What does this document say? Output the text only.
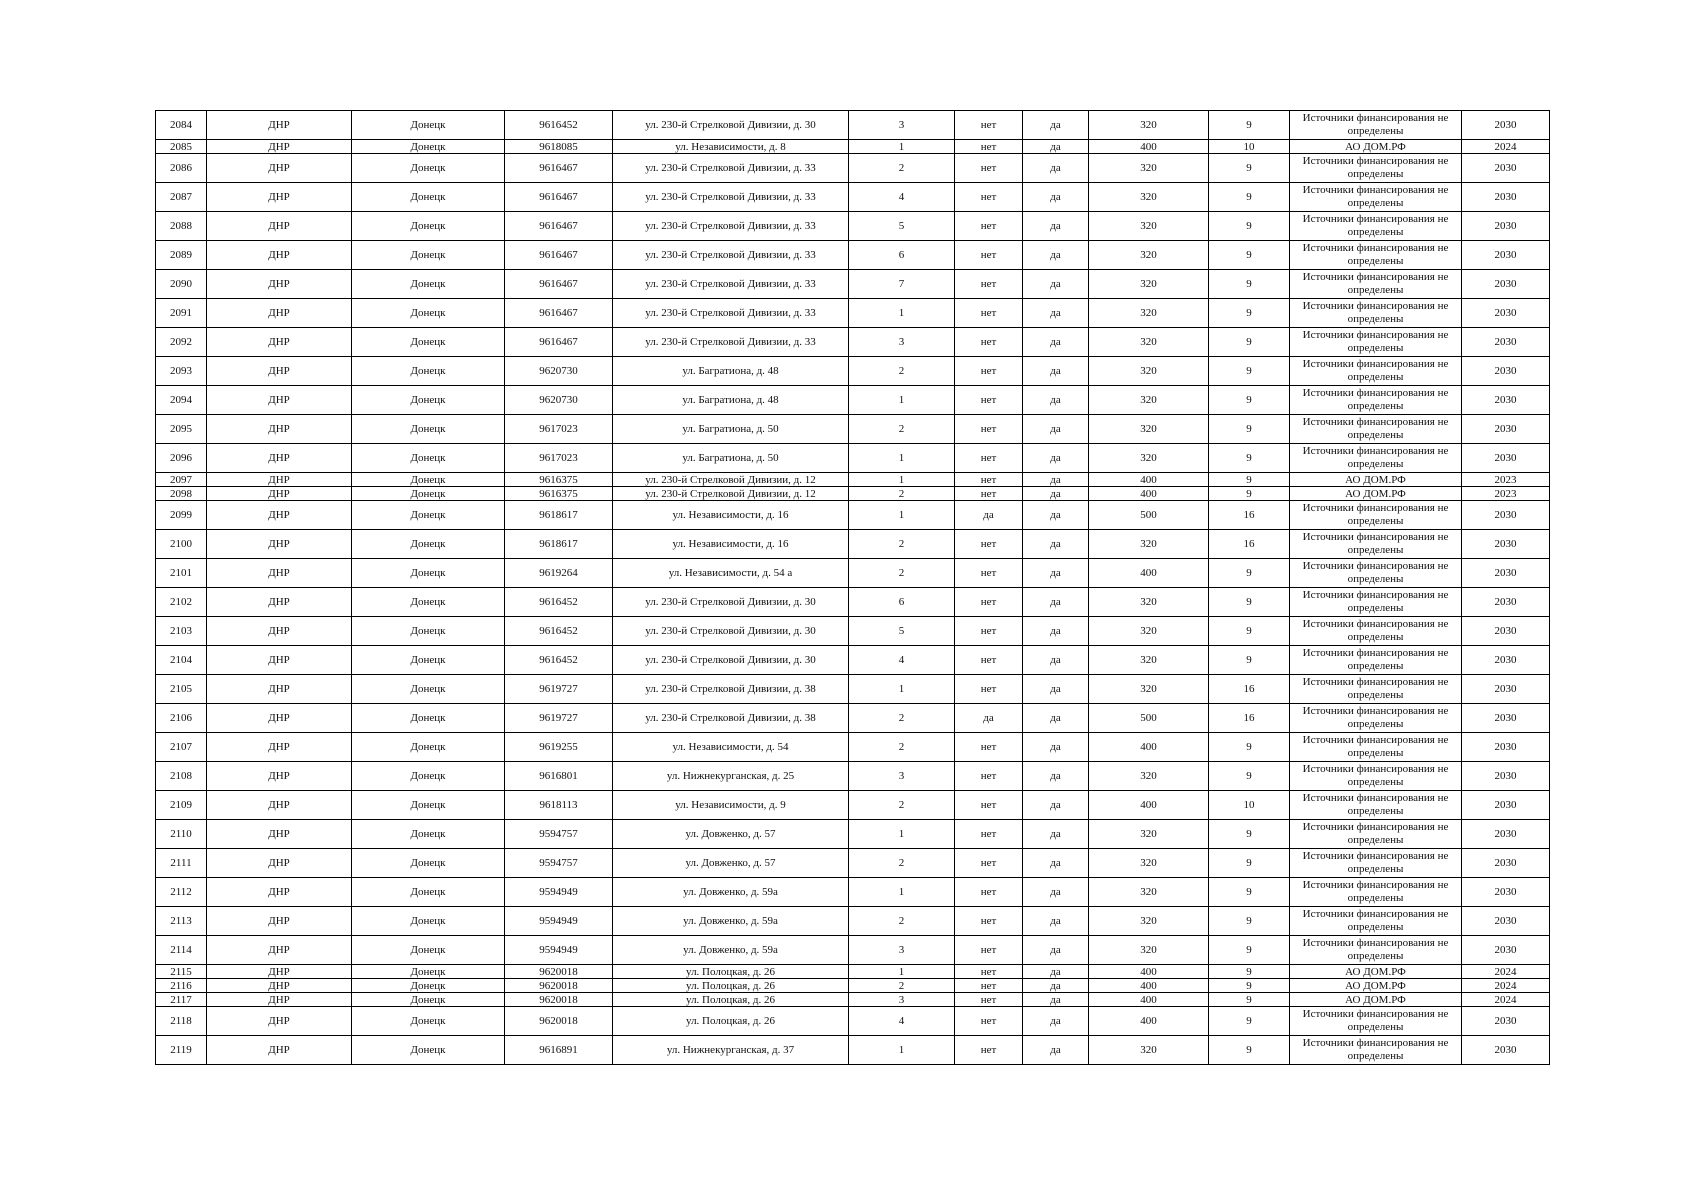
2084	ДНР	Донецк	9616452	ул. 230-й Стрелковой Дивизии, д. 30	3	нет	да	320	9	Источники финансирования не определены	2030
2085	ДНР	Донецк	9618085	ул. Независимости, д. 8	1	нет	да	400	10	АО ДОМ.РФ	2024
2086	ДНР	Донецк	9616467	ул. 230-й Стрелковой Дивизии, д. 33	2	нет	да	320	9	Источники финансирования не определены	2030
2087	ДНР	Донецк	9616467	ул. 230-й Стрелковой Дивизии, д. 33	4	нет	да	320	9	Источники финансирования не определены	2030
2088	ДНР	Донецк	9616467	ул. 230-й Стрелковой Дивизии, д. 33	5	нет	да	320	9	Источники финансирования не определены	2030
2089	ДНР	Донецк	9616467	ул. 230-й Стрелковой Дивизии, д. 33	6	нет	да	320	9	Источники финансирования не определены	2030
2090	ДНР	Донецк	9616467	ул. 230-й Стрелковой Дивизии, д. 33	7	нет	да	320	9	Источники финансирования не определены	2030
2091	ДНР	Донецк	9616467	ул. 230-й Стрелковой Дивизии, д. 33	1	нет	да	320	9	Источники финансирования не определены	2030
2092	ДНР	Донецк	9616467	ул. 230-й Стрелковой Дивизии, д. 33	3	нет	да	320	9	Источники финансирования не определены	2030
2093	ДНР	Донецк	9620730	ул. Багратиона, д. 48	2	нет	да	320	9	Источники финансирования не определены	2030
2094	ДНР	Донецк	9620730	ул. Багратиона, д. 48	1	нет	да	320	9	Источники финансирования не определены	2030
2095	ДНР	Донецк	9617023	ул. Багратиона, д. 50	2	нет	да	320	9	Источники финансирования не определены	2030
2096	ДНР	Донецк	9617023	ул. Багратиона, д. 50	1	нет	да	320	9	Источники финансирования не определены	2030
2097	ДНР	Донецк	9616375	ул. 230-й Стрелковой Дивизии, д. 12	1	нет	да	400	9	АО ДОМ.РФ	2023
2098	ДНР	Донецк	9616375	ул. 230-й Стрелковой Дивизии, д. 12	2	нет	да	400	9	АО ДОМ.РФ	2023
2099	ДНР	Донецк	9618617	ул. Независимости, д. 16	1	да	да	500	16	Источники финансирования не определены	2030
2100	ДНР	Донецк	9618617	ул. Независимости, д. 16	2	нет	да	320	16	Источники финансирования не определены	2030
2101	ДНР	Донецк	9619264	ул. Независимости, д. 54 а	2	нет	да	400	9	Источники финансирования не определены	2030
2102	ДНР	Донецк	9616452	ул. 230-й Стрелковой Дивизии, д. 30	6	нет	да	320	9	Источники финансирования не определены	2030
2103	ДНР	Донецк	9616452	ул. 230-й Стрелковой Дивизии, д. 30	5	нет	да	320	9	Источники финансирования не определены	2030
2104	ДНР	Донецк	9616452	ул. 230-й Стрелковой Дивизии, д. 30	4	нет	да	320	9	Источники финансирования не определены	2030
2105	ДНР	Донецк	9619727	ул. 230-й Стрелковой Дивизии, д. 38	1	нет	да	320	16	Источники финансирования не определены	2030
2106	ДНР	Донецк	9619727	ул. 230-й Стрелковой Дивизии, д. 38	2	да	да	500	16	Источники финансирования не определены	2030
2107	ДНР	Донецк	9619255	ул. Независимости, д. 54	2	нет	да	400	9	Источники финансирования не определены	2030
2108	ДНР	Донецк	9616801	ул. Нижнекурганская, д. 25	3	нет	да	320	9	Источники финансирования не определены	2030
2109	ДНР	Донецк	9618113	ул. Независимости, д. 9	2	нет	да	400	10	Источники финансирования не определены	2030
2110	ДНР	Донецк	9594757	ул. Довженко, д. 57	1	нет	да	320	9	Источники финансирования не определены	2030
2111	ДНР	Донецк	9594757	ул. Довженко, д. 57	2	нет	да	320	9	Источники финансирования не определены	2030
2112	ДНР	Донецк	9594949	ул. Довженко, д. 59а	1	нет	да	320	9	Источники финансирования не определены	2030
2113	ДНР	Донецк	9594949	ул. Довженко, д. 59а	2	нет	да	320	9	Источники финансирования не определены	2030
2114	ДНР	Донецк	9594949	ул. Довженко, д. 59а	3	нет	да	320	9	Источники финансирования не определены	2030
2115	ДНР	Донецк	9620018	ул. Полоцкая, д. 26	1	нет	да	400	9	АО ДОМ.РФ	2024
2116	ДНР	Донецк	9620018	ул. Полоцкая, д. 26	2	нет	да	400	9	АО ДОМ.РФ	2024
2117	ДНР	Донецк	9620018	ул. Полоцкая, д. 26	3	нет	да	400	9	АО ДОМ.РФ	2024
2118	ДНР	Донецк	9620018	ул. Полоцкая, д. 26	4	нет	да	400	9	Источники финансирования не определены	2030
2119	ДНР	Донецк	9616891	ул. Нижнекурганская, д. 37	1	нет	да	320	9	Источники финансирования не определены	2030
